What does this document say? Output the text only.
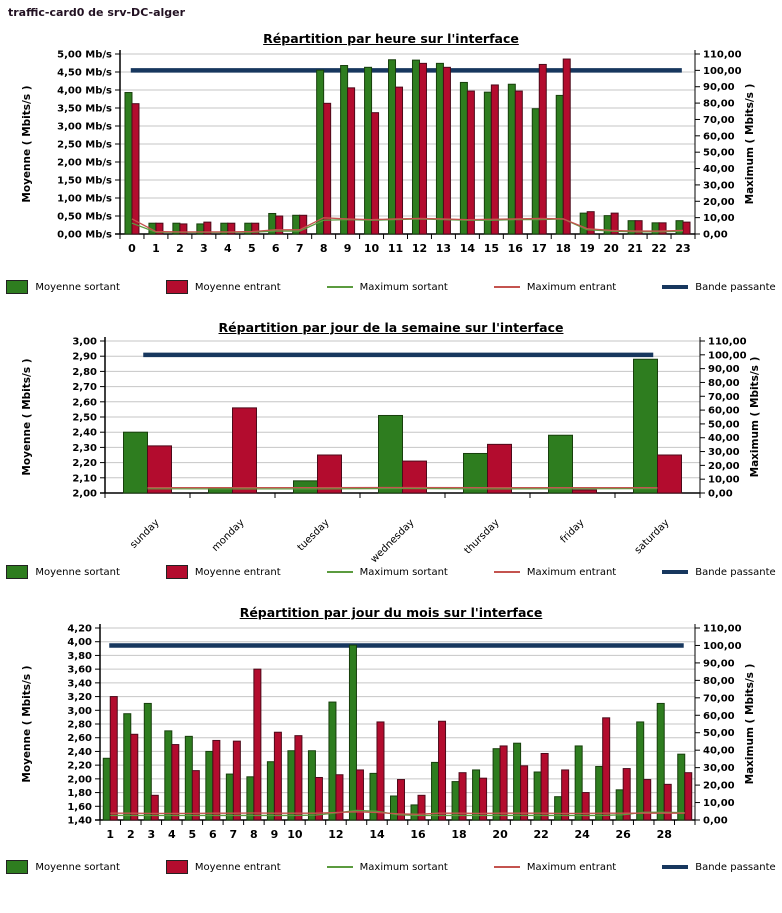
traffic-card0 de srv-DC-alger
Répartition par heure sur l'interface
0,00 Mb/s
0,50 Mb/s
1,00 Mb/s
1,50 Mb/s
2,00 Mb/s
2,50 Mb/s
3,00 Mb/s
3,50 Mb/s
4,00 Mb/s
4,50 Mb/s
5,00 Mb/s
0,00
10,00
20,00
30,00
40,00
50,00
60,00
70,00
80,00
90,00
100,00
110,00
0 1 2 3 4 5 6 7 8 9 10 11 12 13 14 15 16 17 18 19 20 21 22 23
Moyenne ( Mbits/s )	Maximum ( Mbits/s )
Moyenne sortant	Moyenne entrant	Maximum sortant	Maximum entrant	Bande passante
Répartition par jour de la semaine sur l'interface
2,00
2,10
2,20
2,30
2,40
2,50
2,60
2,70
2,80
2,90
3,00
0,00
10,00
20,00
30,00
40,00
50,00
60,00
70,00
80,00
90,00
100,00
110,00
sunday	monday	tuesday	wednesday	thursday	friday	saturday
Moyenne ( Mbits/s )	Maximum ( Mbits/s )
Moyenne sortant	Moyenne entrant	Maximum sortant	Maximum entrant	Bande passante
Répartition par jour du mois sur l'interface
1,40
1,60
1,80
2,00
2,20
2,40
2,60
2,80
3,00
3,20
3,40
3,60
3,80
4,00
4,20
0,00
10,00
20,00
30,00
40,00
50,00
60,00
70,00
80,00
90,00
100,00
110,00
1 2 3 4 5 6 7 8 9 10 12 14 16 18 20 22 24 26 28
Moyenne ( Mbits/s )	Maximum ( Mbits/s )
Moyenne sortant	Moyenne entrant	Maximum sortant	Maximum entrant	Bande passante
